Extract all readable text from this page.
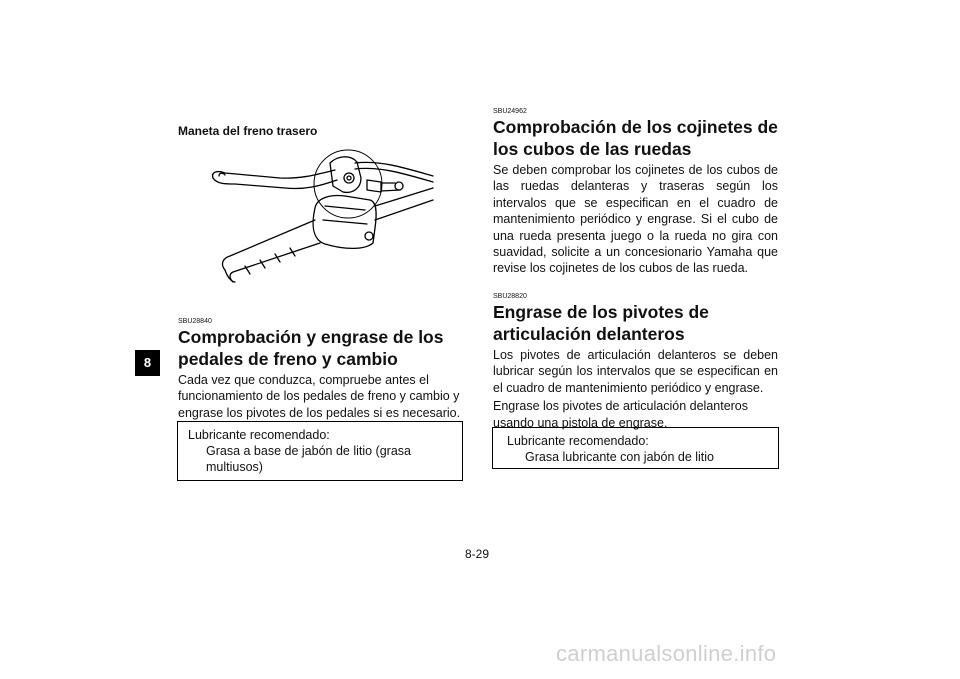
8
Maneta del freno trasero
SBU28840
Comprobación y engrase de los pedales de freno y cambio

Cada vez que conduzca, compruebe antes el funcionamiento de los pedales de freno y cambio y engrase los pivotes de los pedales si es necesario.

Lubricante recomendado:

Grasa a base de jabón de litio (grasa multiusos)

SBU24962
Comprobación de los cojinetes de los cubos de las ruedas

Se deben comprobar los cojinetes de los cubos de las ruedas delanteras y traseras según los intervalos que se especifican en el cuadro de mantenimiento periódico y engrase. Si el cubo de una rueda presenta juego o la rueda no gira con suavidad, solicite a un concesionario Yamaha que revise los cojinetes de los cubos de las rueda.

SBU28820
Engrase de los pivotes de articulación delanteros

Los pivotes de articulación delanteros se deben lubricar según los intervalos que se especifican en el cuadro de mantenimiento periódico y engrase.

Engrase los pivotes de articulación delanteros usando una pistola de engrase.

Lubricante recomendado:

Grasa lubricante con jabón de litio

8-29
carmanualsonline.info
